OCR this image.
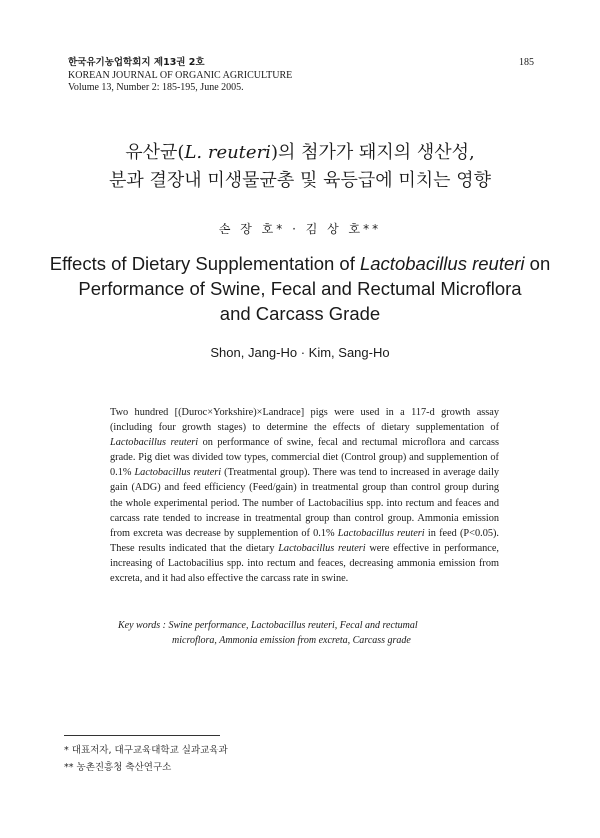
한국유기농업학회지 제13권 2호
KOREAN JOURNAL OF ORGANIC AGRICULTURE
Volume 13, Number 2: 185-195, June 2005.
185
유산균(L. reuteri)의 첨가가 돼지의 생산성,
분과 결장내 미생물균총 및 육등급에 미치는 영향
손 장 호* · 김 상 호**
Effects of Dietary Supplementation of Lactobacillus reuteri on
Performance of Swine, Fecal and Rectumal Microflora
and Carcass Grade
Shon, Jang-Ho · Kim, Sang-Ho
Two hundred [(Duroc×Yorkshire)×Landrace] pigs were used in a 117-d growth assay (including four growth stages) to determine the effects of dietary supplementation of Lactobacillus reuteri on performance of swine, fecal and rectumal microflora and carcass grade. Pig diet was divided tow types, commercial diet (Control group) and supplemention of 0.1% Lactobacillus reuteri (Treatmental group). There was tend to increased in average daily gain (ADG) and feed efficiency (Feed/gain) in treatmental group than control group during the whole experimental period. The number of Lactobacilius spp. into rectum and feaces and carcass rate tended to increase in treatmental group than control group. Ammonia emission from excreta was decrease by supplemention of 0.1% Lactobacillus reuteri in feed (P<0.05). These results indicated that the dietary Lactobacillus reuteri were effective in performance, increasing of Lactobacilius spp. into rectum and feaces, decreasing ammonia emission from excreta, and it had also effective the carcass rate in swine.
Key words : Swine performance, Lactobacillus reuteri, Fecal and rectumal
microflora, Ammonia emission from excreta, Carcass grade
* 대표저자, 대구교육대학교 실과교육과
** 농촌진흥청 축산연구소
